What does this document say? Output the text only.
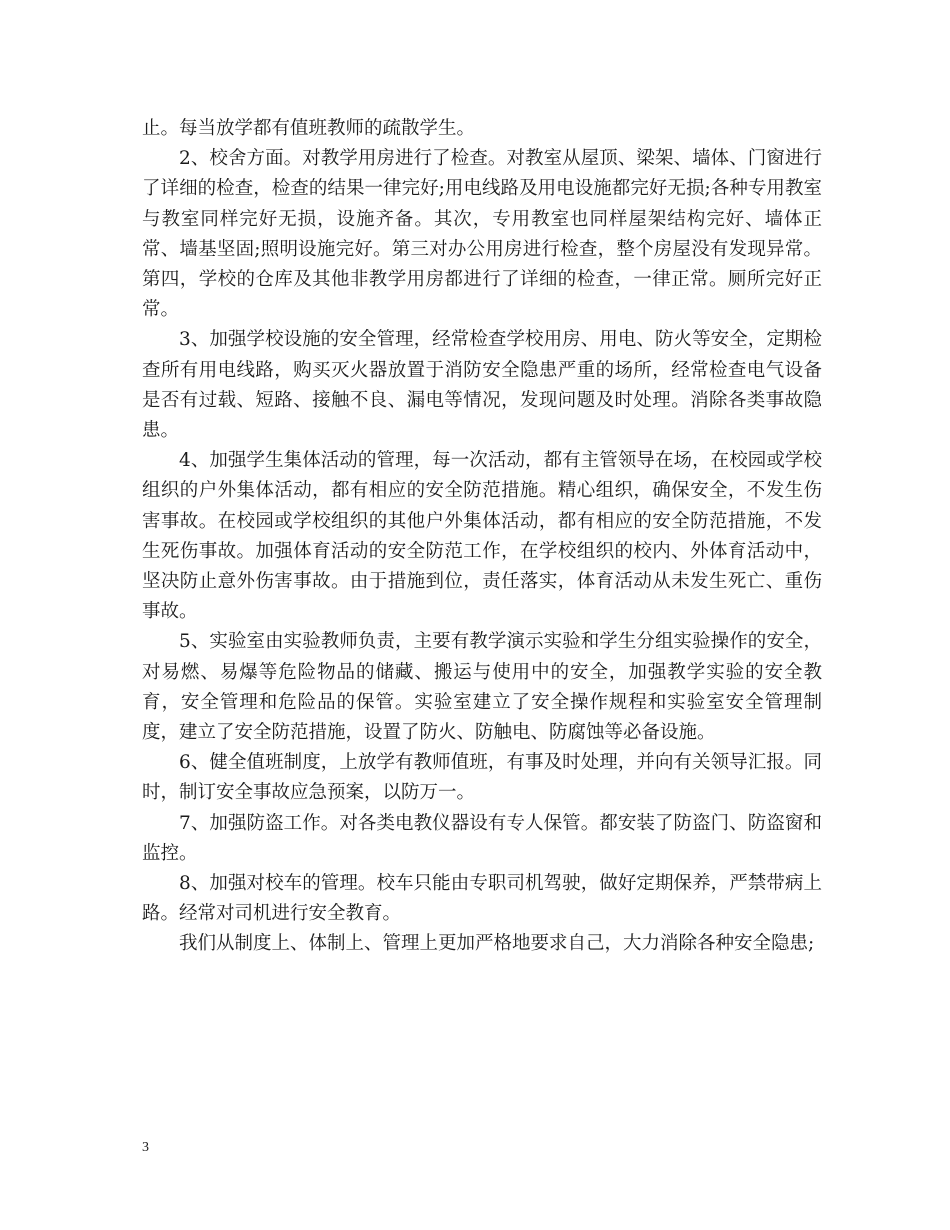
止。每当放学都有值班教师的疏散学生。

2、校舍方面。对教学用房进行了检查。对教室从屋顶、梁架、墙体、门窗进行了详细的检查，检查的结果一律完好;用电线路及用电设施都完好无损;各种专用教室与教室同样完好无损，设施齐备。其次，专用教室也同样屋架结构完好、墙体正常、墙基坚固;照明设施完好。第三对办公用房进行检查，整个房屋没有发现异常。第四，学校的仓库及其他非教学用房都进行了详细的检查，一律正常。厕所完好正常。

3、加强学校设施的安全管理，经常检查学校用房、用电、防火等安全，定期检查所有用电线路，购买灭火器放置于消防安全隐患严重的场所，经常检查电气设备是否有过载、短路、接触不良、漏电等情况，发现问题及时处理。消除各类事故隐患。

4、加强学生集体活动的管理，每一次活动，都有主管领导在场，在校园或学校组织的户外集体活动，都有相应的安全防范措施。精心组织，确保安全，不发生伤害事故。在校园或学校组织的其他户外集体活动，都有相应的安全防范措施，不发生死伤事故。加强体育活动的安全防范工作，在学校组织的校内、外体育活动中，坚决防止意外伤害事故。由于措施到位，责任落实，体育活动从未发生死亡、重伤事故。

5、实验室由实验教师负责，主要有教学演示实验和学生分组实验操作的安全，对易燃、易爆等危险物品的储藏、搬运与使用中的安全，加强教学实验的安全教育，安全管理和危险品的保管。实验室建立了安全操作规程和实验室安全管理制度，建立了安全防范措施，设置了防火、防触电、防腐蚀等必备设施。

6、健全值班制度，上放学有教师值班，有事及时处理，并向有关领导汇报。同时，制订安全事故应急预案，以防万一。

7、加强防盗工作。对各类电教仪器设有专人保管。都安装了防盗门、防盗窗和监控。

8、加强对校车的管理。校车只能由专职司机驾驶，做好定期保养，严禁带病上路。经常对司机进行安全教育。

我们从制度上、体制上、管理上更加严格地要求自己，大力消除各种安全隐患;

3
